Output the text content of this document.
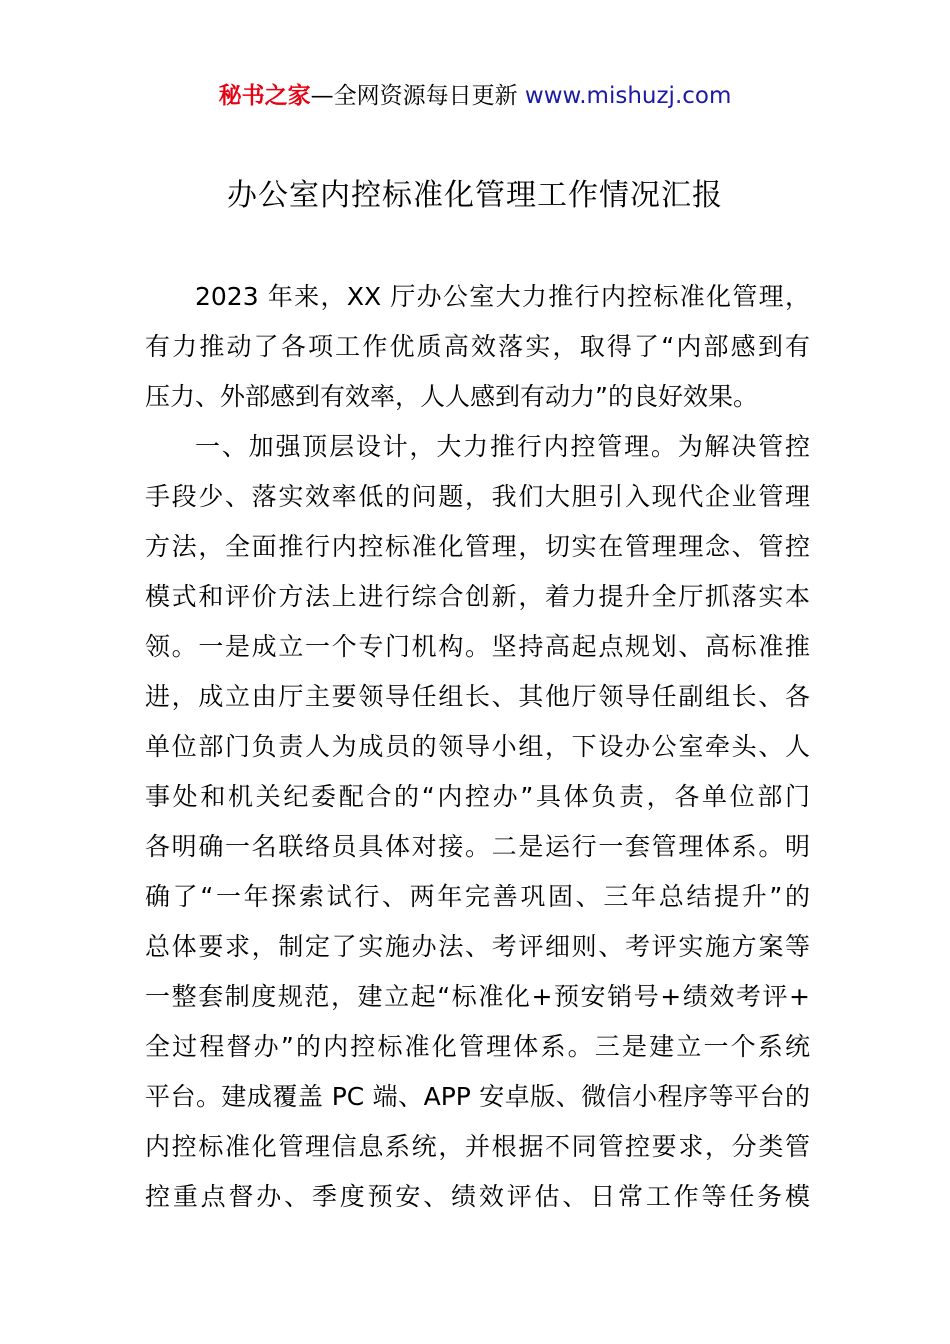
秘书之家—全网资源每日更新 www.mishuzj.com
办公室内控标准化管理工作情况汇报
2023 年来，XX 厅办公室大力推行内控标准化管理，
有力推动了各项工作优质高效落实，取得了“内部感到有
压力、外部感到有效率，人人感到有动力”的良好效果。
一、加强顶层设计，大力推行内控管理。为解决管控
手段少、落实效率低的问题，我们大胆引入现代企业管理
方法，全面推行内控标准化管理，切实在管理理念、管控
模式和评价方法上进行综合创新，着力提升全厅抓落实本
领。一是成立一个专门机构。坚持高起点规划、高标准推
进，成立由厅主要领导任组长、其他厅领导任副组长、各
单位部门负责人为成员的领导小组，下设办公室牵头、人
事处和机关纪委配合的“内控办”具体负责，各单位部门
各明确一名联络员具体对接。二是运行一套管理体系。明
确了“一年探索试行、两年完善巩固、三年总结提升”的
总体要求，制定了实施办法、考评细则、考评实施方案等
一整套制度规范，建立起“标准化+预安销号+绩效考评+
全过程督办”的内控标准化管理体系。三是建立一个系统
平台。建成覆盖 PC 端、APP 安卓版、微信小程序等平台的
内控标准化管理信息系统，并根据不同管控要求，分类管
控重点督办、季度预安、绩效评估、日常工作等任务模
